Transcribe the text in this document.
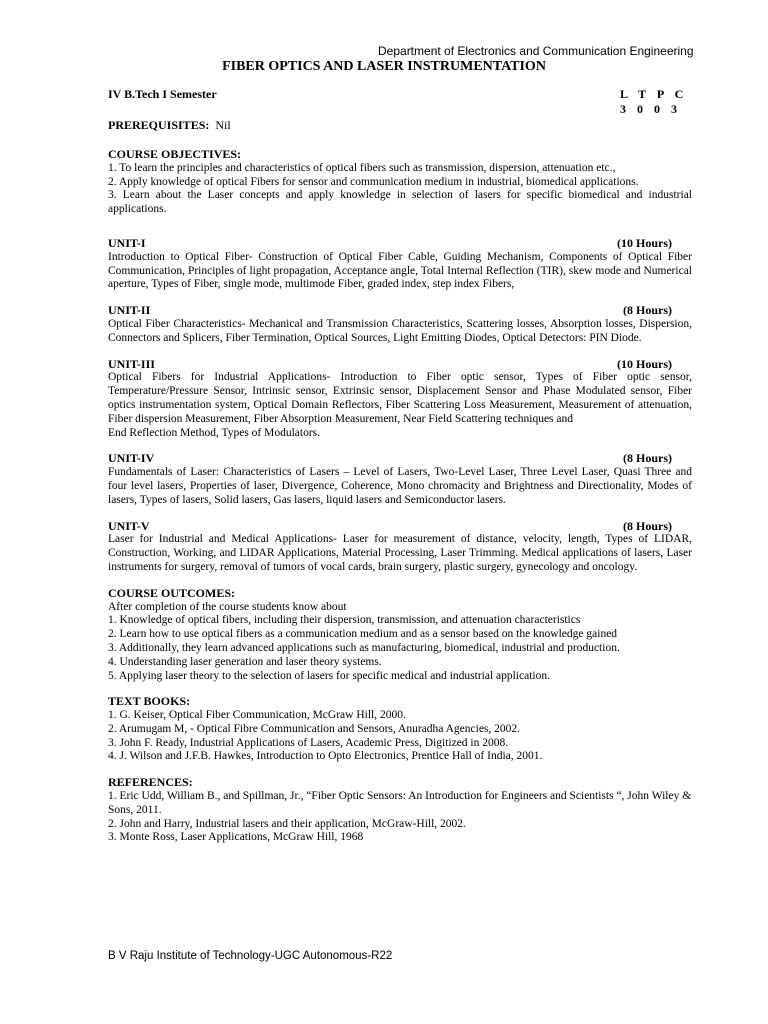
Department of Electronics and Communication Engineering
FIBER OPTICS AND LASER INSTRUMENTATION
IV B.Tech I Semester	L T P C
3 0 0 3
PREREQUISITES: Nil
COURSE OBJECTIVES:
1. To learn the principles and characteristics of optical fibers such as transmission, dispersion, attenuation etc.,
2. Apply knowledge of optical Fibers for sensor and communication medium in industrial, biomedical applications.
3. Learn about the Laser concepts and apply knowledge in selection of lasers for specific biomedical and industrial applications.
UNIT-I	(10 Hours)
Introduction to Optical Fiber- Construction of Optical Fiber Cable, Guiding Mechanism, Components of Optical Fiber Communication, Principles of light propagation, Acceptance angle, Total Internal Reflection (TIR), skew mode and Numerical aperture, Types of Fiber, single mode, multimode Fiber, graded index, step index Fibers,
UNIT-II	(8 Hours)
Optical Fiber Characteristics- Mechanical and Transmission Characteristics, Scattering losses, Absorption losses, Dispersion, Connectors and Splicers, Fiber Termination, Optical Sources, Light Emitting Diodes, Optical Detectors: PIN Diode.
UNIT-III	(10 Hours)
Optical Fibers for Industrial Applications- Introduction to Fiber optic sensor, Types of Fiber optic sensor, Temperature/Pressure Sensor, Intrinsic sensor, Extrinsic sensor, Displacement Sensor and Phase Modulated sensor, Fiber optics instrumentation system, Optical Domain Reflectors, Fiber Scattering Loss Measurement, Measurement of attenuation, Fiber dispersion Measurement, Fiber Absorption Measurement, Near Field Scattering techniques and
End Reflection Method, Types of Modulators.
UNIT-IV	(8 Hours)
Fundamentals of Laser: Characteristics of Lasers – Level of Lasers, Two-Level Laser, Three Level Laser, Quasi Three and four level lasers, Properties of laser, Divergence, Coherence, Mono chromacity and Brightness and Directionality, Modes of lasers, Types of lasers, Solid lasers, Gas lasers, liquid lasers and Semiconductor lasers.
UNIT-V	(8 Hours)
Laser for Industrial and Medical Applications- Laser for measurement of distance, velocity, length, Types of LIDAR, Construction, Working, and LIDAR Applications, Material Processing, Laser Trimming. Medical applications of lasers, Laser instruments for surgery, removal of tumors of vocal cards, brain surgery, plastic surgery, gynecology and oncology.
COURSE OUTCOMES:
After completion of the course students know about
1. Knowledge of optical fibers, including their dispersion, transmission, and attenuation characteristics
2. Learn how to use optical fibers as a communication medium and as a sensor based on the knowledge gained
3. Additionally, they learn advanced applications such as manufacturing, biomedical, industrial and production.
4. Understanding laser generation and laser theory systems.
5. Applying laser theory to the selection of lasers for specific medical and industrial application.
TEXT BOOKS:
1. G. Keiser, Optical Fiber Communication, McGraw Hill, 2000.
2. Arumugam M, - Optical Fibre Communication and Sensors, Anuradha Agencies, 2002.
3. John F. Ready, Industrial Applications of Lasers, Academic Press, Digitized in 2008.
4. J. Wilson and J.F.B. Hawkes, Introduction to Opto Electronics, Prentice Hall of India, 2001.
REFERENCES:
1. Eric Udd, William B., and Spillman, Jr., “Fiber Optic Sensors: An Introduction for Engineers and Scientists “, John Wiley & Sons, 2011.
2. John and Harry, Industrial lasers and their application, McGraw-Hill, 2002.
3. Monte Ross, Laser Applications, McGraw Hill, 1968
B V Raju Institute of Technology-UGC Autonomous-R22
